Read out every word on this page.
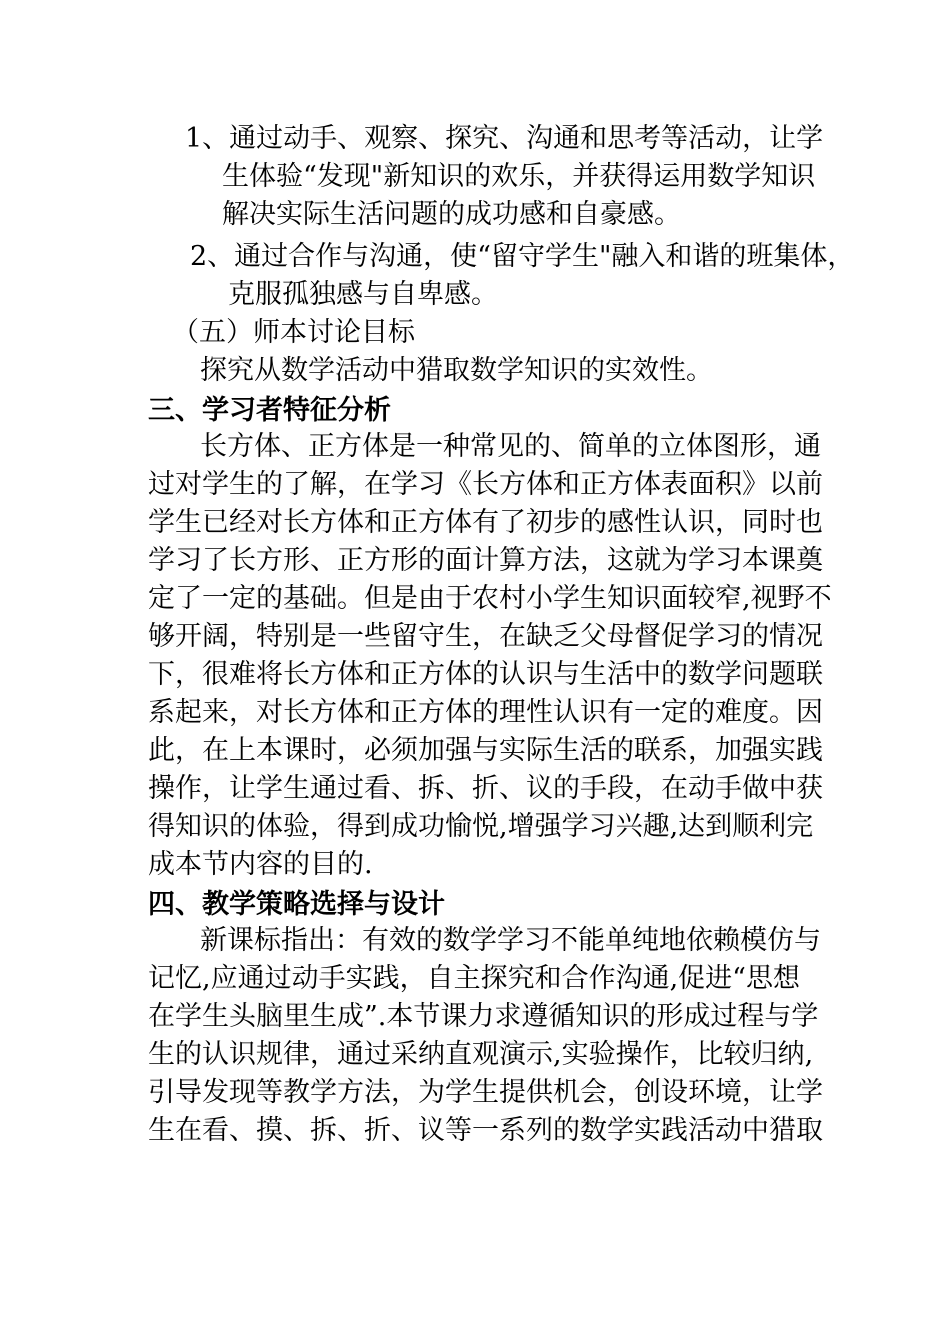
1、通过动手、观察、探究、沟通和思考等活动，让学
生体验“发现"新知识的欢乐，并获得运用数学知识
解决实际生活问题的成功感和自豪感。
2、通过合作与沟通，使“留守学生"融入和谐的班集体，
克服孤独感与自卑感。
（五）师本讨论目标
探究从数学活动中猎取数学知识的实效性。
三、学习者特征分析
长方体、正方体是一种常见的、简单的立体图形，通
过对学生的了解，在学习《长方体和正方体表面积》以前
学生已经对长方体和正方体有了初步的感性认识，同时也
学习了长方形、正方形的面计算方法，这就为学习本课奠
定了一定的基础。但是由于农村小学生知识面较窄,视野不
够开阔，特别是一些留守生，在缺乏父母督促学习的情况
下，很难将长方体和正方体的认识与生活中的数学问题联
系起来，对长方体和正方体的理性认识有一定的难度。因
此，在上本课时，必须加强与实际生活的联系，加强实践
操作，让学生通过看、拆、折、议的手段，在动手做中获
得知识的体验，得到成功愉悦,增强学习兴趣,达到顺利完
成本节内容的目的.
四、教学策略选择与设计
新课标指出：有效的数学学习不能单纯地依赖模仿与
记忆,应通过动手实践，自主探究和合作沟通,促进“思想
在学生头脑里生成”.本节课力求遵循知识的形成过程与学
生的认识规律，通过采纳直观演示,实验操作，比较归纳,
引导发现等教学方法，为学生提供机会，创设环境，让学
生在看、摸、拆、折、议等一系列的数学实践活动中猎取
